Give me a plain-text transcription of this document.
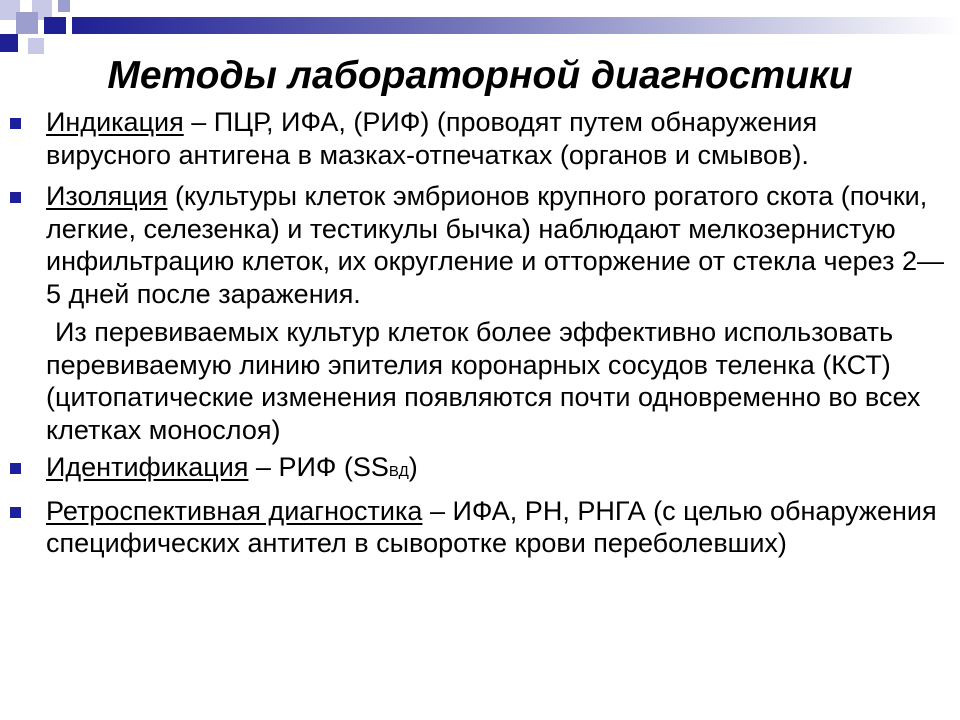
Методы лабораторной диагностики

Индикация – ПЦР, ИФА, (РИФ) (проводят путем обнаружения вирусного антигена в мазках-отпечатках (органов и смывов).

Изоляция (культуры клеток эмбрионов крупного рогатого скота (почки, легкие, селезенка) и тестикулы бычка) наблюдают мелкозернистую инфильтрацию клеток, их округление и отторжение от стекла через 2—5 дней после заражения.

Из перевиваемых культур клеток более эффективно использовать перевиваемую линию эпителия коронарных сосудов теленка (КСТ) (цитопатические изменения появляются почти одновременно во всех клетках монослоя)

Идентификация – РИФ (SSВД)

Ретроспективная диагностика – ИФА, РН, РНГА (с целью обнаружения специфических антител в сыворотке крови переболевших)
